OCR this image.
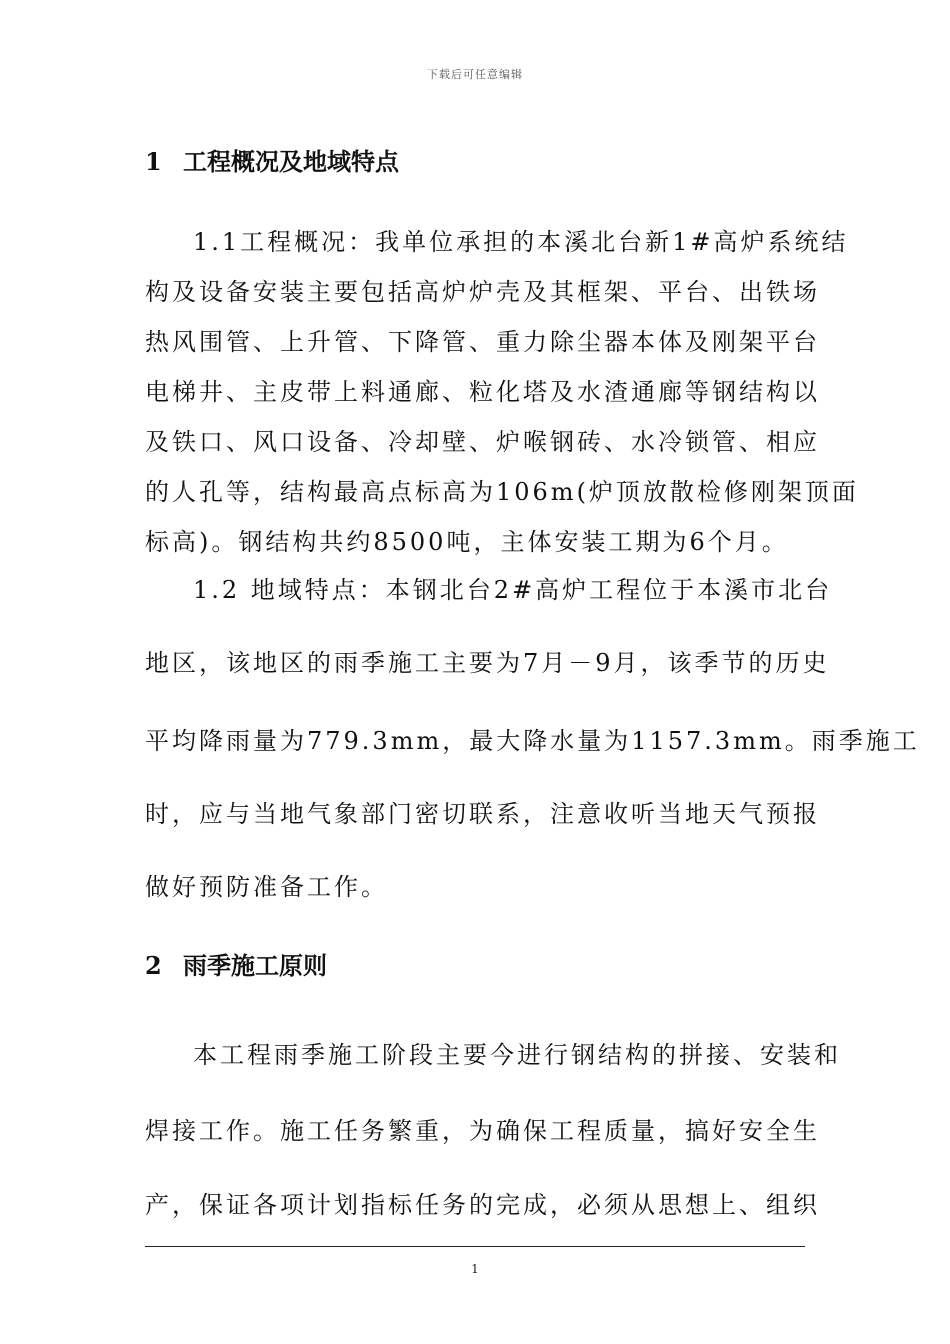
下载后可任意编辑
1 工程概况及地域特点
1.1工程概况：我单位承担的本溪北台新1#高炉系统结
构及设备安装主要包括高炉炉壳及其框架、平台、出铁场
热风围管、上升管、下降管、重力除尘器本体及刚架平台
电梯井、主皮带上料通廊、粒化塔及水渣通廊等钢结构以
及铁口、风口设备、冷却壁、炉喉钢砖、水冷锁管、相应
的人孔等，结构最高点标高为106m(炉顶放散检修刚架顶面
标高)。钢结构共约8500吨，主体安装工期为6个月。
1.2 地域特点：本钢北台2#高炉工程位于本溪市北台
地区，该地区的雨季施工主要为7月－9月，该季节的历史
平均降雨量为779.3mm，最大降水量为1157.3mm。雨季施工
时，应与当地气象部门密切联系，注意收听当地天气预报
做好预防准备工作。
2 雨季施工原则
本工程雨季施工阶段主要今进行钢结构的拼接、安装和
焊接工作。施工任务繁重，为确保工程质量，搞好安全生
产，保证各项计划指标任务的完成，必须从思想上、组织
1
